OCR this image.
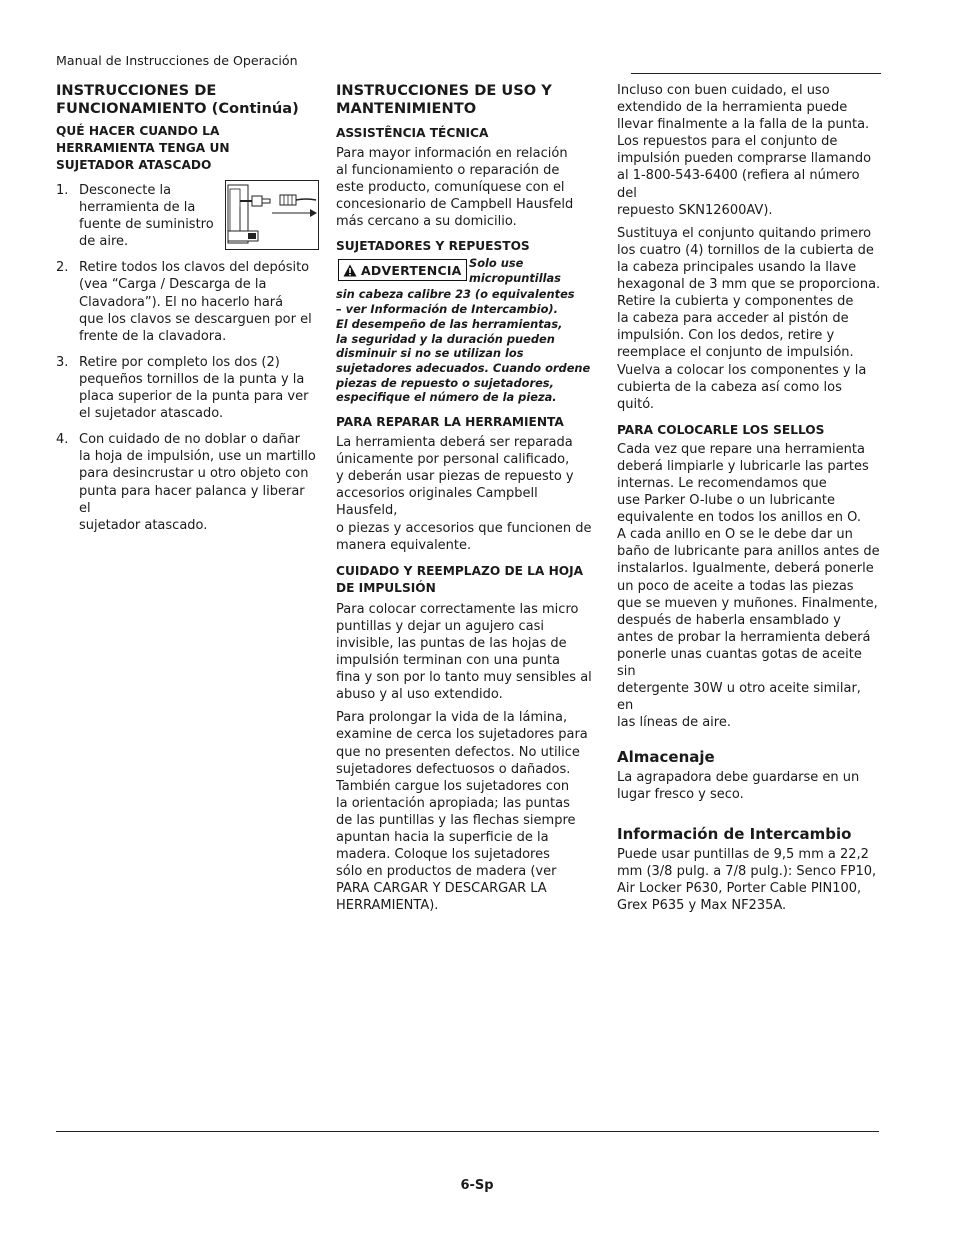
Manual de Instrucciones de Operación

INSTRUCCIONES DE
FUNCIONAMIENTO (Continúa)

QUÉ HACER CUANDO LA
HERRAMIENTA TENGA UN
SUJETADOR ATASCADO

1. Desconecte la
herramienta de la
fuente de suministro
de aire.
2. Retire todos los clavos del depósito
(vea “Carga / Descarga de la
Clavadora”). El no hacerlo hará
que los clavos se descarguen por el
frente de la clavadora.
3. Retire por completo los dos (2)
pequeños tornillos de la punta y la
placa superior de la punta para ver
el sujetador atascado.
4. Con cuidado de no doblar o dañar
la hoja de impulsión, use un martillo
para desincrustar u otro objeto con
punta para hacer palanca y liberar el
sujetador atascado.

INSTRUCCIONES DE USO Y
MANTENIMIENTO

ASSISTÊNCIA TÉCNICA

Para mayor información en relación
al funcionamiento o reparación de
este producto, comuníquese con el
concesionario de Campbell Hausfeld
más cercano a su domicilio.

SUJETADORES Y REPUESTOS

ADVERTENCIA Solo use
micropuntillas

sin cabeza calibre 23 (o equivalentes
– ver Información de Intercambio).
El desempeño de las herramientas,
la seguridad y la duración pueden
disminuir si no se utilizan los
sujetadores adecuados. Cuando ordene
piezas de repuesto o sujetadores,
especifique el número de la pieza.

PARA REPARAR LA HERRAMIENTA

La herramienta deberá ser reparada
únicamente por personal calificado,
y deberán usar piezas de repuesto y
accesorios originales Campbell Hausfeld,
o piezas y accesorios que funcionen de
manera equivalente.

CUIDADO Y REEMPLAZO DE LA HOJA
DE IMPULSIÓN

Para colocar correctamente las micro
puntillas y dejar un agujero casi
invisible, las puntas de las hojas de
impulsión terminan con una punta
fina y son por lo tanto muy sensibles al
abuso y al uso extendido.

Para prolongar la vida de la lámina,
examine de cerca los sujetadores para
que no presenten defectos. No utilice
sujetadores defectuosos o dañados.
También cargue los sujetadores con
la orientación apropiada; las puntas
de las puntillas y las flechas siempre
apuntan hacia la superficie de la
madera. Coloque los sujetadores
sólo en productos de madera (ver
PARA CARGAR Y DESCARGAR LA
HERRAMIENTA).

Incluso con buen cuidado, el uso
extendido de la herramienta puede
llevar finalmente a la falla de la punta.
Los repuestos para el conjunto de
impulsión pueden comprarse llamando
al 1-800-543-6400 (refiera al número del
repuesto SKN12600AV).

Sustituya el conjunto quitando primero
los cuatro (4) tornillos de la cubierta de
la cabeza principales usando la llave
hexagonal de 3 mm que se proporciona.
Retire la cubierta y componentes de
la cabeza para acceder al pistón de
impulsión. Con los dedos, retire y
reemplace el conjunto de impulsión.
Vuelva a colocar los componentes y la
cubierta de la cabeza así como los quitó.

PARA COLOCARLE LOS SELLOS

Cada vez que repare una herramienta
deberá limpiarle y lubricarle las partes
internas. Le recomendamos que
use Parker O-lube o un lubricante
equivalente en todos los anillos en O.
A cada anillo en O se le debe dar un
baño de lubricante para anillos antes de
instalarlos. Igualmente, deberá ponerle
un poco de aceite a todas las piezas
que se mueven y muñones. Finalmente,
después de haberla ensamblado y
antes de probar la herramienta deberá
ponerle unas cuantas gotas de aceite sin
detergente 30W u otro aceite similar, en
las líneas de aire.

Almacenaje

La agrapadora debe guardarse en un
lugar fresco y seco.

Información de Intercambio

Puede usar puntillas de 9,5 mm a 22,2
mm (3/8 pulg. a 7/8 pulg.): Senco FP10,
Air Locker P630, Porter Cable PIN100,
Grex P635 y Max NF235A.

6-Sp
